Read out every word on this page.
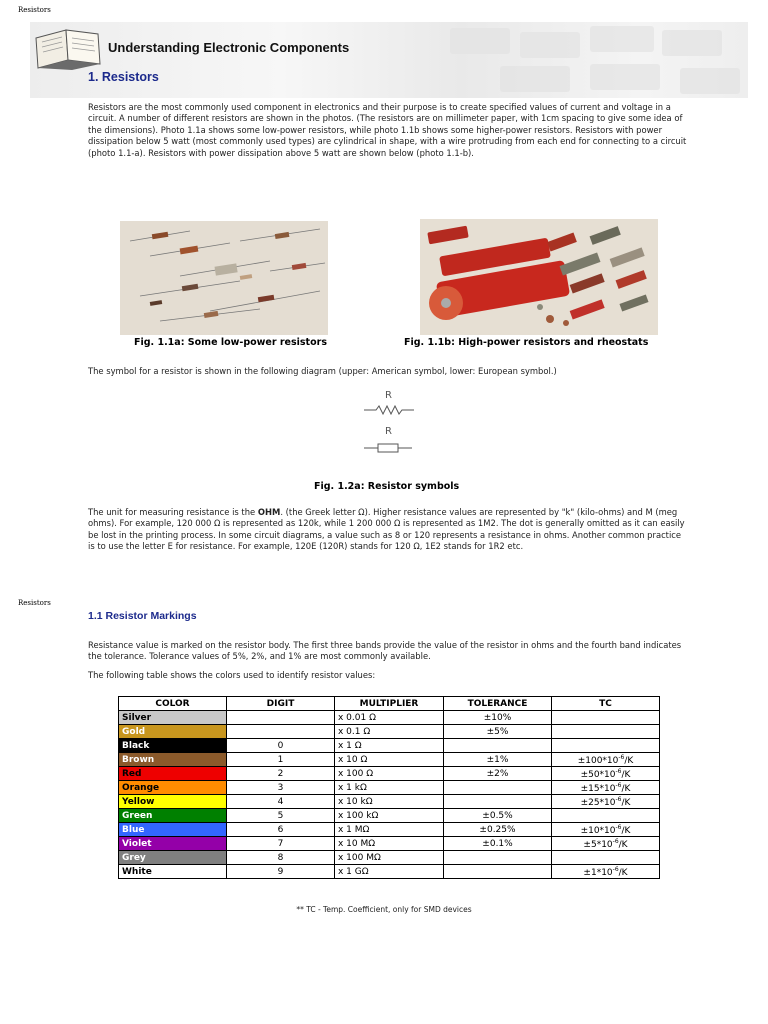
Resistors
Resistors
Understanding Electronic Components
1. Resistors

Resistors are the most commonly used component in electronics and their purpose is to create specified values of current and voltage in a circuit. A number of different resistors are shown in the photos. (The resistors are on millimeter paper, with 1cm spacing to give some idea of the dimensions). Photo 1.1a shows some low-power resistors, while photo 1.1b shows some higher-power resistors. Resistors with power dissipation below 5 watt (most commonly used types) are cylindrical in shape, with a wire protruding from each end for connecting to a circuit (photo 1.1-a). Resistors with power dissipation above 5 watt are shown below (photo 1.1-b).

Fig. 1.1a: Some low-power resistors	Fig. 1.1b: High-power resistors and rheostats

The symbol for a resistor is shown in the following diagram (upper: American symbol, lower: European symbol.)

R
R
Fig. 1.2a: Resistor symbols

The unit for measuring resistance is the OHM. (the Greek letter Ω). Higher resistance values are represented by "k" (kilo-ohms) and M (meg ohms). For example, 120 000 Ω is represented as 120k, while 1 200 000 Ω is represented as 1M2. The dot is generally omitted as it can easily be lost in the printing process. In some circuit diagrams, a value such as 8 or 120 represents a resistance in ohms. Another common practice is to use the letter E for resistance. For example, 120E (120R) stands for 120 Ω, 1E2 stands for 1R2 etc.

1.1 Resistor Markings

Resistance value is marked on the resistor body. The first three bands provide the value of the resistor in ohms and the fourth band indicates the tolerance. Tolerance values of 5%, 2%, and 1% are most commonly available.

The following table shows the colors used to identify resistor values:

COLOR	DIGIT	MULTIPLIER	TOLERANCE	TC
Silver		x 0.01 Ω	±10%	
Gold		x 0.1 Ω	±5%	
Black	0	x 1 Ω		
Brown	1	x 10 Ω	±1%	$\pm 100*10^{-6}/K$
Red	2	x 100 Ω	±2%	$\pm 50*10^{-6}/K$
Orange	3	x 1 kΩ		$\pm 15*10^{-6}/K$
Yellow	4	x 10 kΩ		$\pm 25*10^{-6}/K$
Green	5	x 100 kΩ	±0.5%	
Blue	6	x 1 MΩ	±0.25%	$\pm 10*10^{-6}/K$
Violet	7	x 10 MΩ	±0.1%	$\pm 5*10^{-6}/K$
Grey	8	x 100 MΩ		
White	9	x 1 GΩ		$\pm 1*10^{-6}/K$
** TC - Temp. Coefficient, only for SMD devices
